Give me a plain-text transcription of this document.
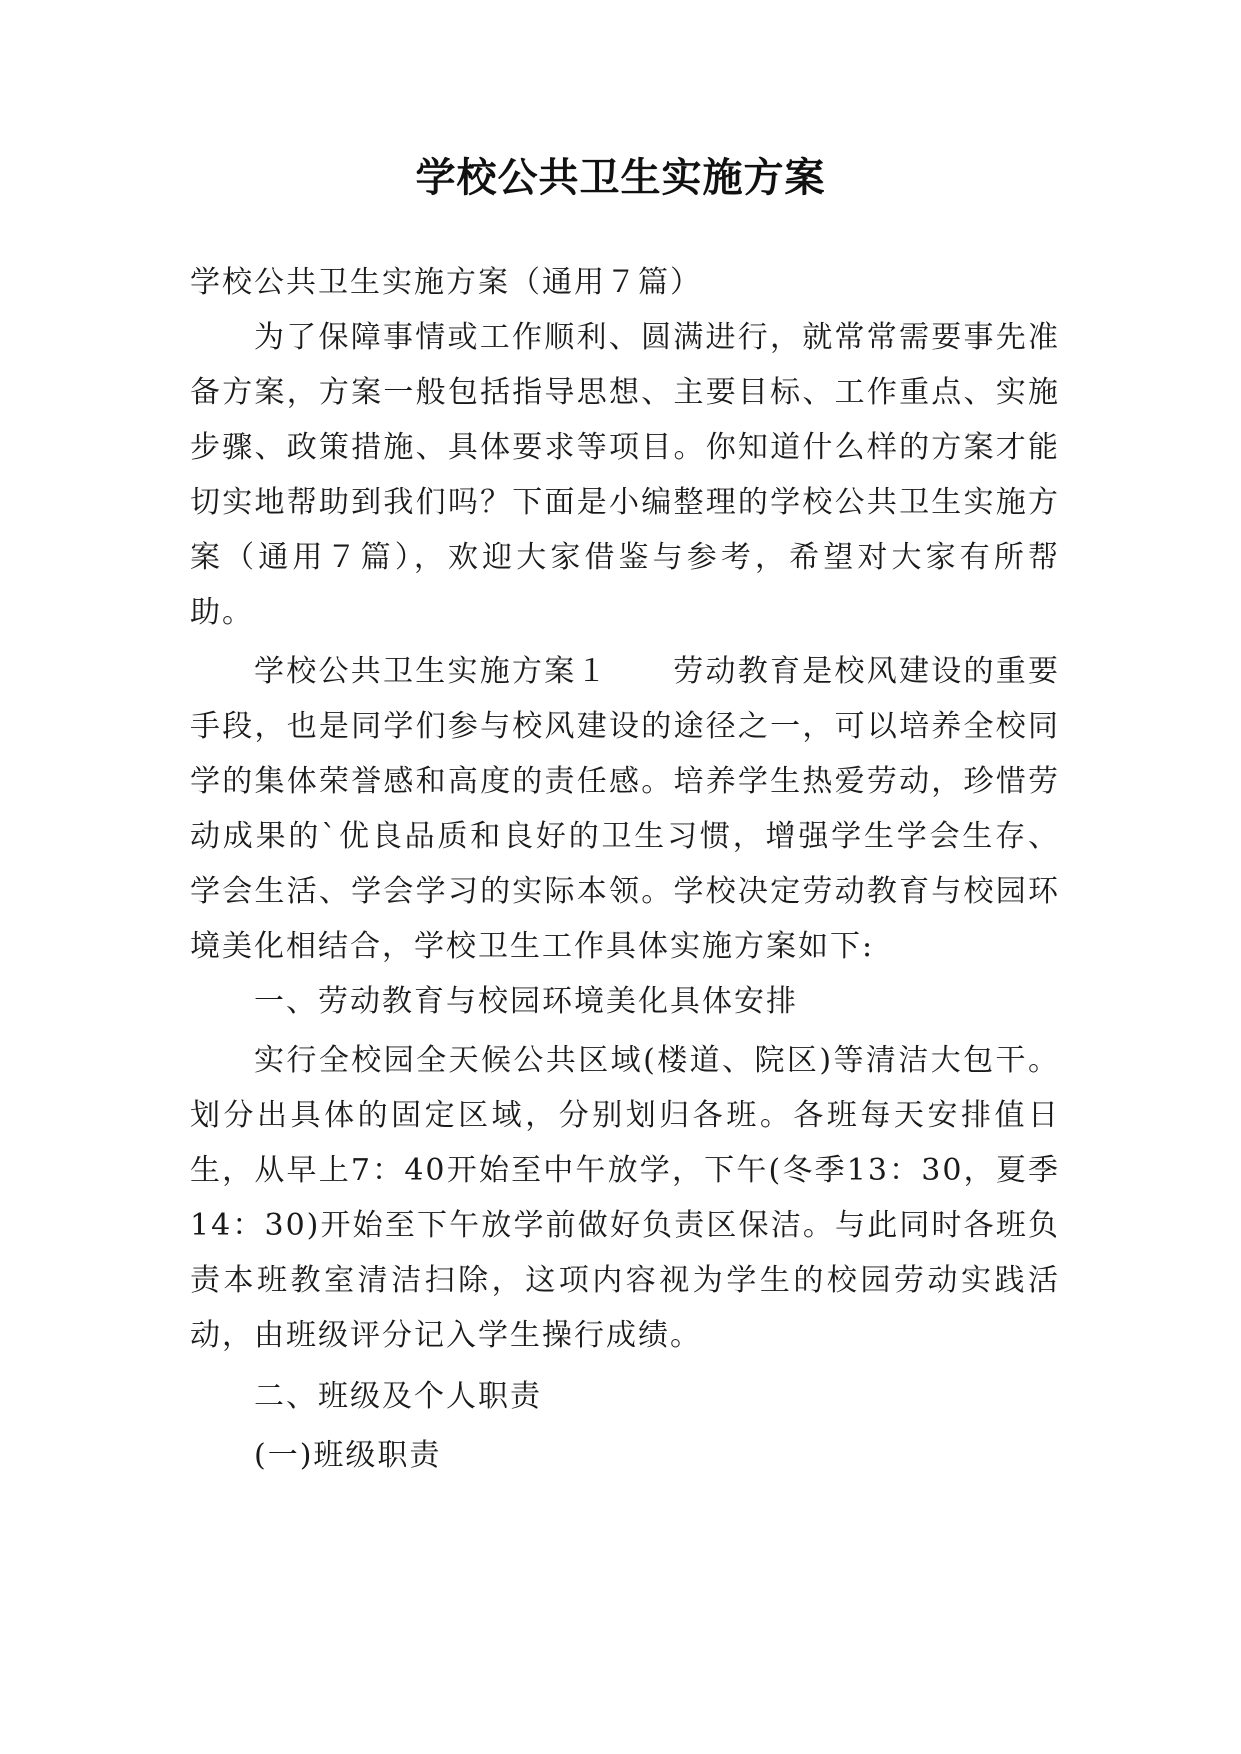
学校公共卫生实施方案

学校公共卫生实施方案（通用７篇）

为了保障事情或工作顺利、圆满进行，就常常需要事先准备方案，方案一般包括指导思想、主要目标、工作重点、实施步骤、政策措施、具体要求等项目。你知道什么样的方案才能切实地帮助到我们吗？下面是小编整理的学校公共卫生实施方案（通用７篇），欢迎大家借鉴与参考，希望对大家有所帮助。

学校公共卫生实施方案１　　劳动教育是校风建设的重要手段，也是同学们参与校风建设的途径之一，可以培养全校同学的集体荣誉感和高度的责任感。培养学生热爱劳动，珍惜劳动成果的`优良品质和良好的卫生习惯，增强学生学会生存、学会生活、学会学习的实际本领。学校决定劳动教育与校园环境美化相结合，学校卫生工作具体实施方案如下:

一、劳动教育与校园环境美化具体安排

实行全校园全天候公共区域(楼道、院区)等清洁大包干。划分出具体的固定区域，分别划归各班。各班每天安排值日生，从早上7：40开始至中午放学，下午(冬季13：30，夏季14：30)开始至下午放学前做好负责区保洁。与此同时各班负责本班教室清洁扫除，这项内容视为学生的校园劳动实践活动，由班级评分记入学生操行成绩。

二、班级及个人职责

(一)班级职责
